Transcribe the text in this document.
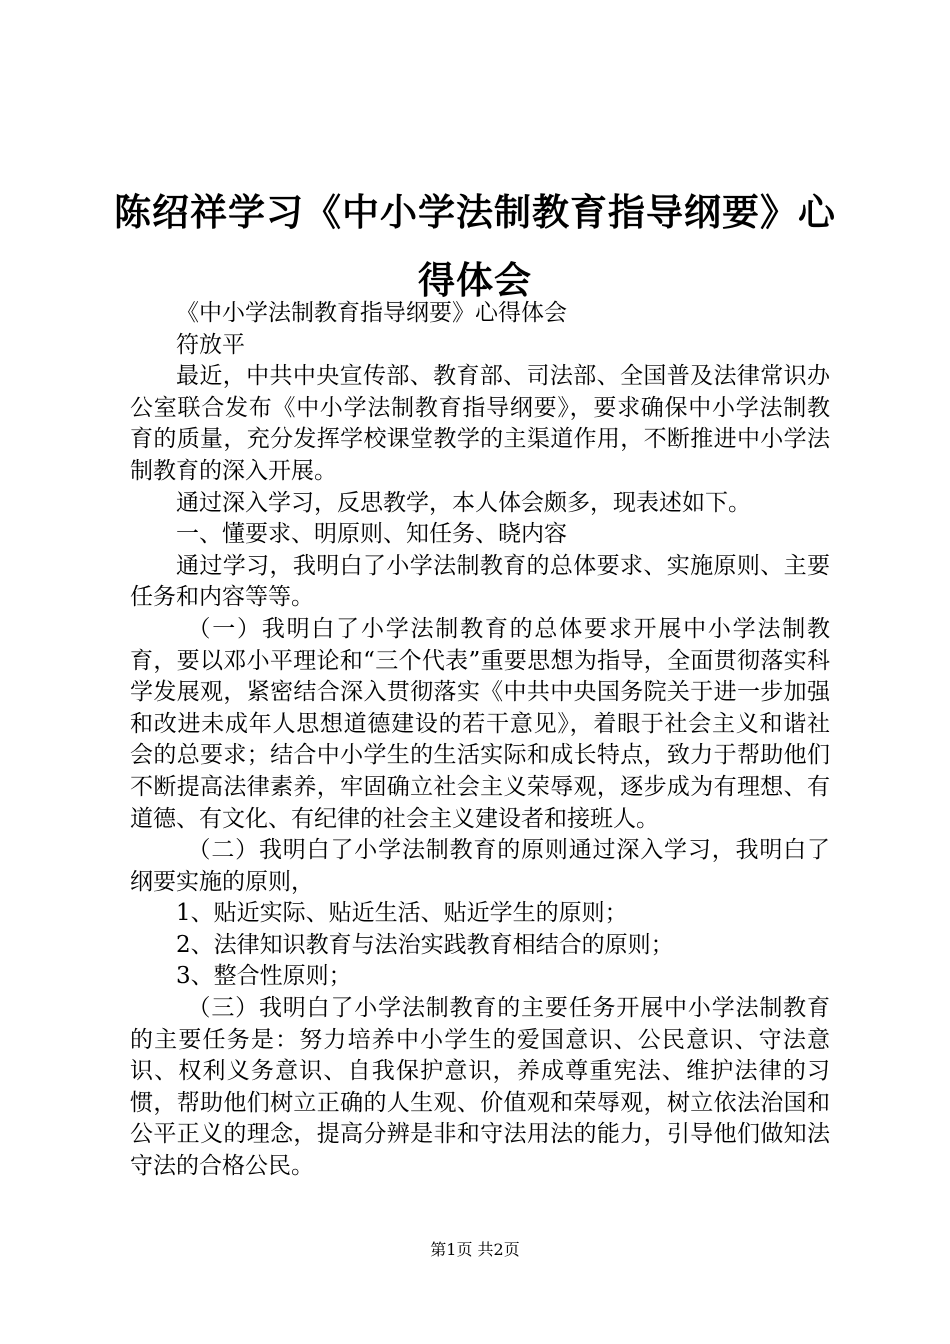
陈绍祥学习《中小学法制教育指导纲要》心得体会

《中小学法制教育指导纲要》心得体会

符放平

最近，中共中央宣传部、教育部、司法部、全国普及法律常识办公室联合发布《中小学法制教育指导纲要》，要求确保中小学法制教育的质量，充分发挥学校课堂教学的主渠道作用，不断推进中小学法制教育的深入开展。

通过深入学习，反思教学，本人体会颇多，现表述如下。

一、懂要求、明原则、知任务、晓内容

通过学习，我明白了小学法制教育的总体要求、实施原则、主要任务和内容等等。

（一）我明白了小学法制教育的总体要求开展中小学法制教育，要以邓小平理论和“三个代表”重要思想为指导，全面贯彻落实科学发展观，紧密结合深入贯彻落实《中共中央国务院关于进一步加强和改进未成年人思想道德建设的若干意见》，着眼于社会主义和谐社会的总要求；结合中小学生的生活实际和成长特点，致力于帮助他们不断提高法律素养，牢固确立社会主义荣辱观，逐步成为有理想、有道德、有文化、有纪律的社会主义建设者和接班人。

（二）我明白了小学法制教育的原则通过深入学习，我明白了纲要实施的原则，

1、贴近实际、贴近生活、贴近学生的原则；

2、法律知识教育与法治实践教育相结合的原则；

3、整合性原则；

（三）我明白了小学法制教育的主要任务开展中小学法制教育的主要任务是：努力培养中小学生的爱国意识、公民意识、守法意识、权利义务意识、自我保护意识，养成尊重宪法、维护法律的习惯，帮助他们树立正确的人生观、价值观和荣辱观，树立依法治国和公平正义的理念，提高分辨是非和守法用法的能力，引导他们做知法守法的合格公民。

第1页 共2页
